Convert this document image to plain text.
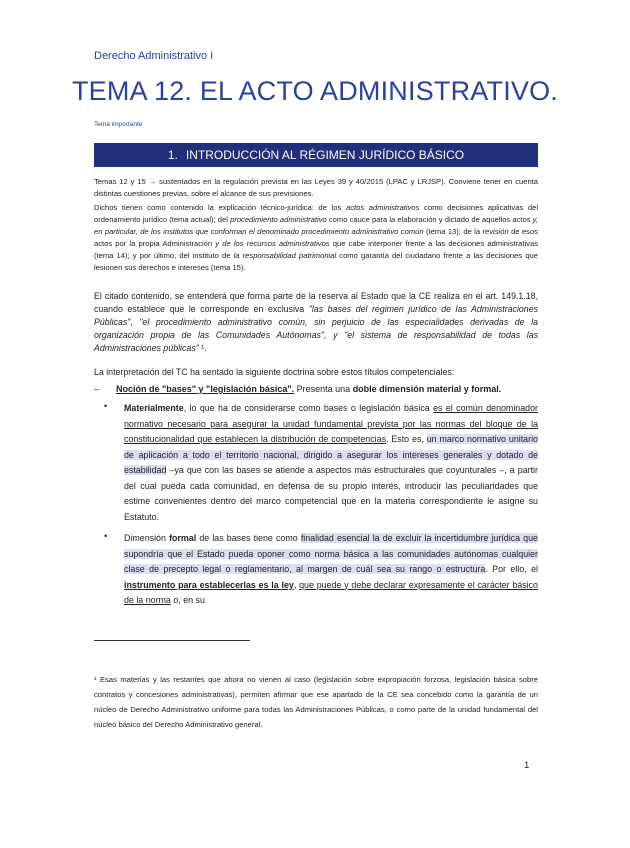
Derecho Administrativo I
TEMA 12. EL ACTO ADMINISTRATIVO.
Tema importante
1. INTRODUCCIÓN AL RÉGIMEN JURÍDICO BÁSICO
Temas 12 y 15 → sustentados en la regulación prevista en las Leyes 39 y 40/2015 (LPAC y LRJSP). Conviene tener en cuenta distintas cuestiones previas, sobre el alcance de sus previsiones.
Dichos tienen como contenido la explicación técnico-jurídica: de los actos administrativos como decisiones aplicativas del ordenamiento jurídico (tema actual); del procedimiento administrativo como cauce para la elaboración y dictado de aquellos actos y, en particular, de los institutos que conforman el denominado procedimiento administrativo común (tema 13); de la revisión de esos actos por la propia Administración y de los recursos administrativos que cabe interponer frente a las decisiones administrativas (tema 14); y por último, del instituto de la responsabilidad patrimonial como garantía del ciudadano frente a las decisiones que lesionen sus derechos e intereses (tema 15).
El citado contenido, se entenderá que forma parte de la reserva al Estado que la CE realiza en el art. 149.1.18, cuando establece que le corresponde en exclusiva "las bases del régimen jurídico de las Administraciones Públicas", "el procedimiento administrativo común, sin perjuicio de las especialidades derivadas de la organización propia de las Comunidades Autónomas", y "el sistema de responsabilidad de todas las Administraciones públicas" ¹.
La interpretación del TC ha sentado la siguiente doctrina sobre estos títulos competenciales:
– Noción de "bases" y "legislación básica". Presenta una doble dimensión material y formal.
• Materialmente, lo que ha de considerarse como bases o legislación básica es el común denominador normativo necesario para asegurar la unidad fundamental prevista por las normas del bloque de la constitucionalidad que establecen la distribución de competencias. Esto es, un marco normativo unitario de aplicación a todo el territorio nacional, dirigido a asegurar los intereses generales y dotado de estabilidad –ya que con las bases se atiende a aspectos más estructurales que coyunturales –, a partir del cual pueda cada comunidad, en defensa de su propio interés, introducir las peculiaridades que estime convenientes dentro del marco competencial que en la materia correspondiente le asigne su Estatuto.
• Dimensión formal de las bases tiene como finalidad esencial la de excluir la incertidumbre jurídica que supondría que el Estado pueda oponer como norma básica a las comunidades autónomas cualquier clase de precepto legal o reglamentario, al margen de cuál sea su rango o estructura. Por ello, el instrumento para establecerlas es la ley, que puede y debe declarar expresamente el carácter básico de la norma o, en su
¹ Esas materias y las restantes que ahora no vienen al caso (legislación sobre expropiación forzosa, legislación básica sobre contratos y concesiones administrativas), permiten afirmar que ese apartado de la CE sea concebido como la garantía de un núcleo de Derecho Administrativo uniforme para todas las Administraciones Públicas, o como parte de la unidad fundamental del núcleo básico del Derecho Administrativo general.
1
